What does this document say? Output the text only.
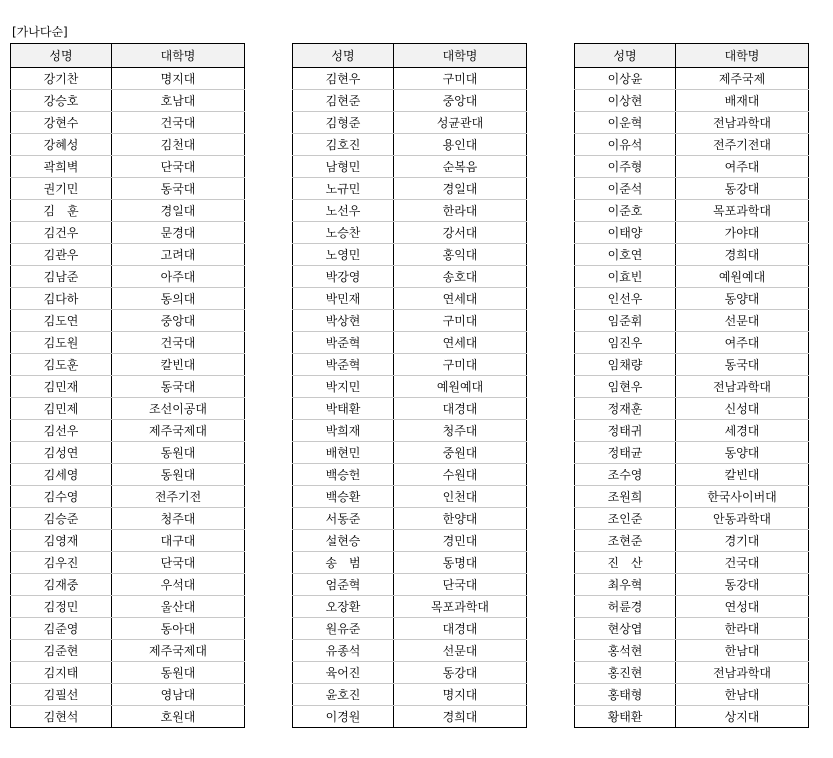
[가나다순]
성명	대학명
강기찬	명지대
강승호	호남대
강현수	건국대
강혜성	김천대
곽희벽	단국대
권기민	동국대
김　훈	경일대
김건우	문경대
김관우	고려대
김남준	아주대
김다하	동의대
김도연	중앙대
김도원	건국대
김도훈	칼빈대
김민재	동국대
김민제	조선이공대
김선우	제주국제대
김성연	동원대
김세영	동원대
김수영	전주기전
김승준	청주대
김영재	대구대
김우진	단국대
김재중	우석대
김정민	울산대
김준영	동아대
김준현	제주국제대
김지태	동원대
김필선	영남대
김현석	호원대
성명	대학명
김현우	구미대
김현준	중앙대
김형준	성균관대
김호진	용인대
남형민	순복음
노규민	경일대
노선우	한라대
노승찬	강서대
노영민	홍익대
박강영	송호대
박민재	연세대
박상현	구미대
박준혁	연세대
박준혁	구미대
박지민	예원예대
박태환	대경대
박희재	청주대
배현민	중원대
백승헌	수원대
백승환	인천대
서동준	한양대
설현승	경민대
송　범	동명대
엄준혁	단국대
오장환	목포과학대
원유준	대경대
유종석	선문대
육어진	동강대
윤호진	명지대
이경원	경희대
성명	대학명
이상윤	제주국제
이상현	배재대
이운혁	전남과학대
이유석	전주기전대
이주형	여주대
이준석	동강대
이준호	목포과학대
이태양	가야대
이호연	경희대
이효빈	예원예대
인선우	동양대
임준휘	선문대
임진우	여주대
임채량	동국대
임현우	전남과학대
정재훈	신성대
정태귀	세경대
정태균	동양대
조수영	칼빈대
조원희	한국사이버대
조인준	안동과학대
조현준	경기대
진　산	건국대
최우혁	동강대
허륜경	연성대
현상엽	한라대
홍석현	한남대
홍진현	전남과학대
홍태형	한남대
황태환	상지대
